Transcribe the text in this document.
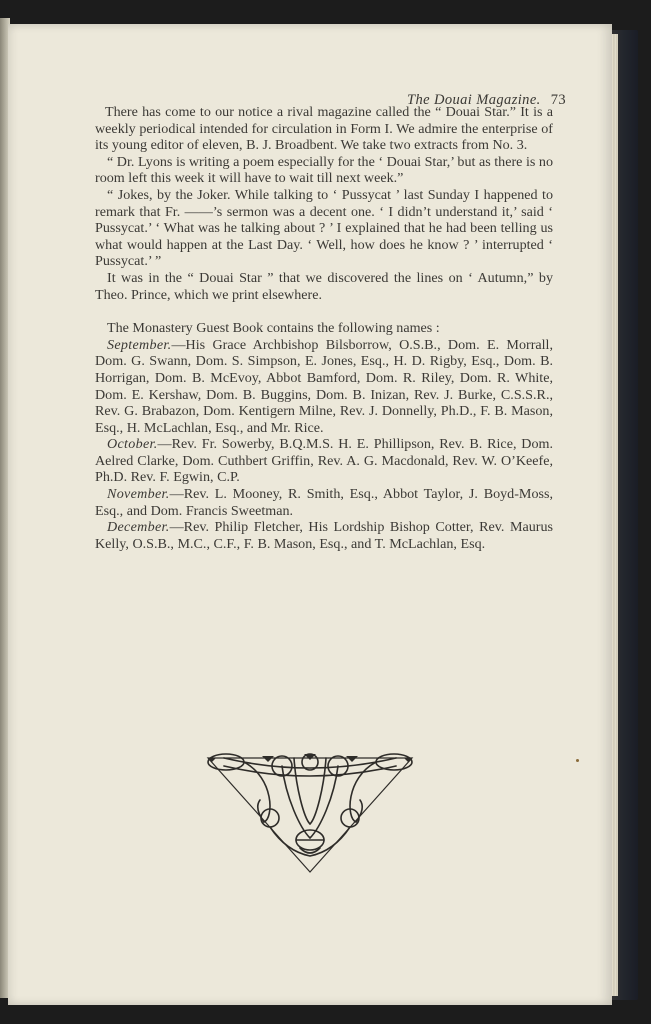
The Douai Magazine. 73

There has come to our notice a rival magazine called the “ Douai Star.” It is a weekly periodical intended for circulation in Form I. We admire the enterprise of its young editor of eleven, B. J. Broadbent. We take two extracts from No. 3.

“ Dr. Lyons is writing a poem especially for the ‘ Douai Star,’ but as there is no room left this week it will have to wait till next week.”

“ Jokes, by the Joker. While talking to ‘ Pussycat ’ last Sunday I happened to remark that Fr. ——’s sermon was a decent one. ‘ I didn’t understand it,’ said ‘ Pussycat.’ ‘ What was he talking about ? ’ I explained that he had been telling us what would happen at the Last Day. ‘ Well, how does he know ? ’ interrupted ‘ Pussycat.’ ”

It was in the “ Douai Star ” that we discovered the lines on ‘ Autumn,” by Theo. Prince, which we print elsewhere.

The Monastery Guest Book contains the following names :

September.—His Grace Archbishop Bilsborrow, O.S.B., Dom. E. Morrall, Dom. G. Swann, Dom. S. Simpson, E. Jones, Esq., H. D. Rigby, Esq., Dom. B. Horrigan, Dom. B. McEvoy, Abbot Bamford, Dom. R. Riley, Dom. R. White, Dom. E. Kershaw, Dom. B. Buggins, Dom. B. Inizan, Rev. J. Burke, C.S.S.R., Rev. G. Brabazon, Dom. Kentigern Milne, Rev. J. Donnelly, Ph.D., F. B. Mason, Esq., H. McLachlan, Esq., and Mr. Rice.

October.—Rev. Fr. Sowerby, B.Q.M.S. H. E. Phillipson, Rev. B. Rice, Dom. Aelred Clarke, Dom. Cuthbert Griffin, Rev. A. G. Macdonald, Rev. W. O’Keefe, Ph.D. Rev. F. Egwin, C.P.

November.—Rev. L. Mooney, R. Smith, Esq., Abbot Taylor, J. Boyd-Moss, Esq., and Dom. Francis Sweetman.

December.—Rev. Philip Fletcher, His Lordship Bishop Cotter, Rev. Maurus Kelly, O.S.B., M.C., C.F., F. B. Mason, Esq., and T. McLachlan, Esq.
